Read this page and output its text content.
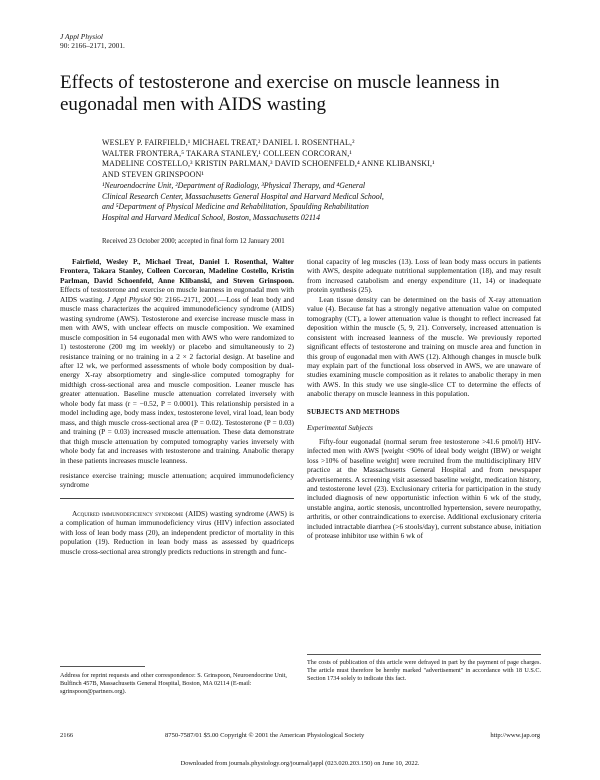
J Appl Physiol
90: 2166–2171, 2001.
Effects of testosterone and exercise on muscle leanness in eugonadal men with AIDS wasting
WESLEY P. FAIRFIELD,¹ MICHAEL TREAT,² DANIEL I. ROSENTHAL,²
WALTER FRONTERA,⁵ TAKARA STANLEY,¹ COLLEEN CORCORAN,¹
MADELINE COSTELLO,³ KRISTIN PARLMAN,³ DAVID SCHOENFELD,⁴ ANNE KLIBANSKI,¹
AND STEVEN GRINSPOON¹
¹Neuroendocrine Unit, ²Department of Radiology, ³Physical Therapy, and ⁴General
Clinical Research Center, Massachusetts General Hospital and Harvard Medical School,
and ⁵Department of Physical Medicine and Rehabilitation, Spaulding Rehabilitation
Hospital and Harvard Medical School, Boston, Massachusetts 02114
Received 23 October 2000; accepted in final form 12 January 2001

Fairfield, Wesley P., Michael Treat, Daniel I. Rosenthal, Walter Frontera, Takara Stanley, Colleen Corcoran, Madeline Costello, Kristin Parlman, David Schoenfeld, Anne Klibanski, and Steven Grinspoon. Effects of testosterone and exercise on muscle leanness in eugonadal men with AIDS wasting. J Appl Physiol 90: 2166–2171, 2001.—Loss of lean body and muscle mass characterizes the acquired immunodeficiency syndrome (AIDS) wasting syndrome (AWS). Testosterone and exercise increase muscle mass in men with AWS, with unclear effects on muscle composition. We examined muscle composition in 54 eugonadal men with AWS who were randomized to 1) testosterone (200 mg im weekly) or placebo and simultaneously to 2) resistance training or no training in a 2 × 2 factorial design. At baseline and after 12 wk, we performed assessments of whole body composition by dual-energy X-ray absorptiometry and single-slice computed tomography for midthigh cross-sectional area and muscle composition. Leaner muscle has greater attenuation. Baseline muscle attenuation correlated inversely with whole body fat mass (r = −0.52, P = 0.0001). This relationship persisted in a model including age, body mass index, testosterone level, viral load, lean body mass, and thigh muscle cross-sectional area (P = 0.02). Testosterone (P = 0.03) and training (P = 0.03) increased muscle attenuation. These data demonstrate that thigh muscle attenuation by computed tomography varies inversely with whole body fat and increases with testosterone and training. Anabolic therapy in these patients increases muscle leanness.

resistance exercise training; muscle attenuation; acquired immunodeficiency syndrome

Acquired immunodeficiency syndrome (AIDS) wasting syndrome (AWS) is a complication of human immunodeficiency virus (HIV) infection associated with loss of lean body mass (20), an independent predictor of mortality in this population (19). Reduction in lean body mass as assessed by quadriceps muscle cross-sectional area strongly predicts reductions in strength and func-

tional capacity of leg muscles (13). Loss of lean body mass occurs in patients with AWS, despite adequate nutritional supplementation (18), and may result from increased catabolism and energy expenditure (11, 14) or inadequate protein synthesis (25).

Lean tissue density can be determined on the basis of X-ray attenuation value (4). Because fat has a strongly negative attenuation value on computed tomography (CT), a lower attenuation value is thought to reflect increased fat deposition within the muscle (5, 9, 21). Conversely, increased attenuation is consistent with increased leanness of the muscle. We previously reported significant effects of testosterone and training on muscle area and function in this group of eugonadal men with AWS (12). Although changes in muscle bulk may explain part of the functional loss observed in AWS, we are unaware of studies examining muscle composition as it relates to anabolic therapy in men with AWS. In this study we use single-slice CT to determine the effects of anabolic therapy on muscle leanness in this population.

SUBJECTS AND METHODS

Experimental Subjects

Fifty-four eugonadal (normal serum free testosterone >41.6 pmol/l) HIV-infected men with AWS [weight <90% of ideal body weight (IBW) or weight loss >10% of baseline weight] were recruited from the multidisciplinary HIV practice at the Massachusetts General Hospital and from newspaper advertisements. A screening visit assessed baseline weight, medication history, and testosterone level (23). Exclusionary criteria for participation in the study included diagnosis of new opportunistic infection within 6 wk of the study, unstable angina, aortic stenosis, uncontrolled hypertension, severe neuropathy, arthritis, or other contraindications to exercise. Additional exclusionary criteria included intractable diarrhea (>6 stools/day), current substance abuse, initiation of protease inhibitor use within 6 wk of

Address for reprint requests and other correspondence: S. Grinspoon, Neuroendocrine Unit, Bulfinch 457B, Massachusetts General Hospital, Boston, MA 02114 (E-mail: sgrinspoon@partners.org).
The costs of publication of this article were defrayed in part by the payment of page charges. The article must therefore be hereby marked "advertisement" in accordance with 18 U.S.C. Section 1734 solely to indicate this fact.
2166	8750-7587/01 $5.00 Copyright © 2001 the American Physiological Society	http://www.jap.org
Downloaded from journals.physiology.org/journal/jappl (023.020.203.150) on June 10, 2022.
